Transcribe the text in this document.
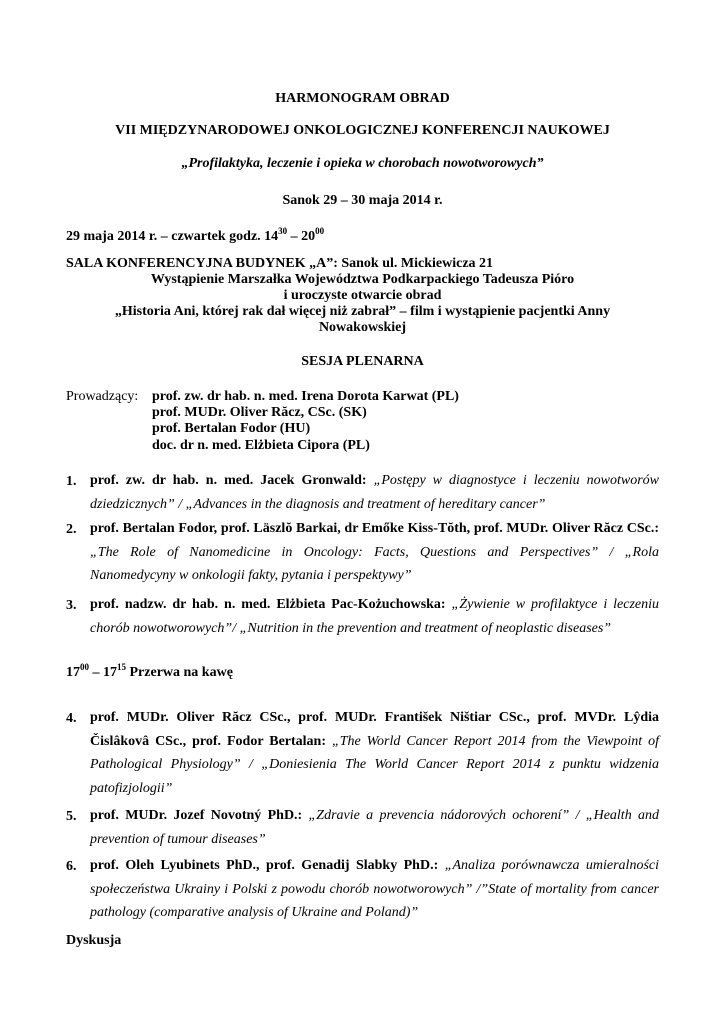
HARMONOGRAM OBRAD
VII MIĘDZYNARODOWEJ ONKOLOGICZNEJ KONFERENCJI NAUKOWEJ
„Profilaktyka, leczenie i opieka w chorobach nowotworowych”
Sanok 29 – 30 maja 2014 r.
29 maja 2014 r. – czwartek godz. $14^{30} - 20^{00}$
SALA KONFERENCYJNA BUDYNEK „A”: Sanok ul. Mickiewicza 21
Wystąpienie Marszałka Województwa Podkarpackiego Tadeusza Pióro
i uroczyste otwarcie obrad
„Historia Ani, której rak dał więcej niż zabrał” – film i wystąpienie pacjentki Anny
Nowakowskiej
SESJA PLENARNA
Prowadzący: prof. zw. dr hab. n. med. Irena Dorota Karwat (PL)
prof. MUDr. Oliver Răcz, CSc. (SK)
prof. Bertalan Fodor (HU)
doc. dr n. med. Elżbieta Cipora (PL)
1. prof. zw. dr hab. n. med. Jacek Gronwald: „Postępy w diagnostyce i leczeniu nowotworów dziedzicznych” / „Advances in the diagnosis and treatment of hereditary cancer”
2. prof. Bertalan Fodor, prof. Läszlŏ Barkai, dr Emőke Kiss-Tŏth, prof. MUDr. Oliver Răcz CSc.: „The Role of Nanomedicine in Oncology: Facts, Questions and Perspectives” / „Rola Nanomedycyny w onkologii fakty, pytania i perspektywy”
3. prof. nadzw. dr hab. n. med. Elżbieta Pac-Kożuchowska: „Żywienie w profilaktyce i leczeniu chorób nowotworowych”/ „Nutrition in the prevention and treatment of neoplastic diseases”
$17^{00} - 17^{15}$ Przerwa na kawę
4. prof. MUDr. Oliver Răcz CSc., prof. MUDr. František Ništiar CSc., prof. MVDr. Lŷdia Čislâkovâ CSc., prof. Fodor Bertalan: „The World Cancer Report 2014 from the Viewpoint of Pathological Physiology” / „Doniesienia The World Cancer Report 2014 z punktu widzenia patofizjologii”
5. prof. MUDr. Jozef Novotný PhD.: „Zdravie a prevencia nádorových ochorení” / „Health and prevention of tumour diseases”
6. prof. Oleh Lyubinets PhD., prof. Genadij Slabky PhD.: „Analiza porównawcza umieralności społeczeństwa Ukrainy i Polski z powodu chorób nowotworowych” /”State of mortality from cancer pathology (comparative analysis of Ukraine and Poland)”
Dyskusja
